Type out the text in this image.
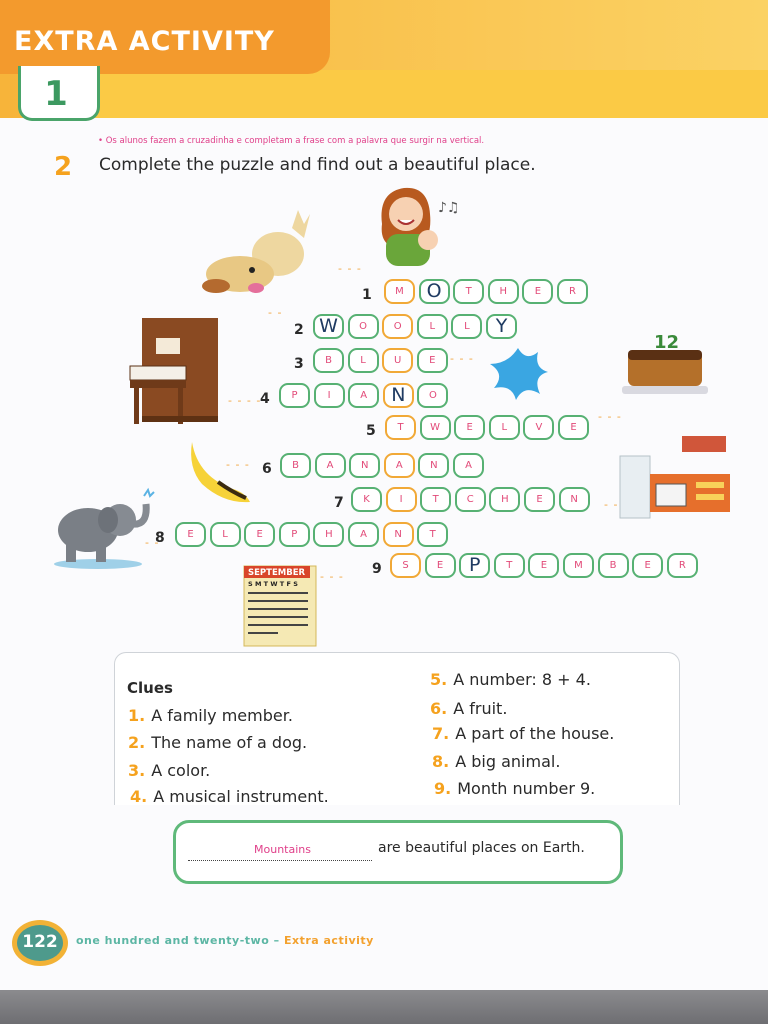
EXTRA ACTIVITY
1
• Os alunos fazem a cruzadinha e completam a frase com a palavra que surgir na vertical.
2 Complete the puzzle and find out a beautiful place.
1	M	O	T	H	E	R
2 W	O	O	L	L	Y
3	B	L	U	E
4	P	I	A	N	O
5	T	W	E	L	V	E
6	B	A	N	A	N	A
7	K	I	T	C	H	E	N
8	E	L	E	P	H	A	N	T
9	S	E	P	T	E	M	B	E	R
- - -
- -
- - - -
- - -
- - -
- -
- -
- - -
- - -
♪♫
12
SEPTEMBER
S M T W T F S
Clues
1. A family member.
2. The name of a dog.
3. A color.
4. A musical instrument.
5. A number: 8 + 4.
6. A fruit.
7. A part of the house.
8. A big animal.
9. Month number 9.
Mountains	are beautiful places on Earth.
122	one hundred and twenty-two – Extra activity
